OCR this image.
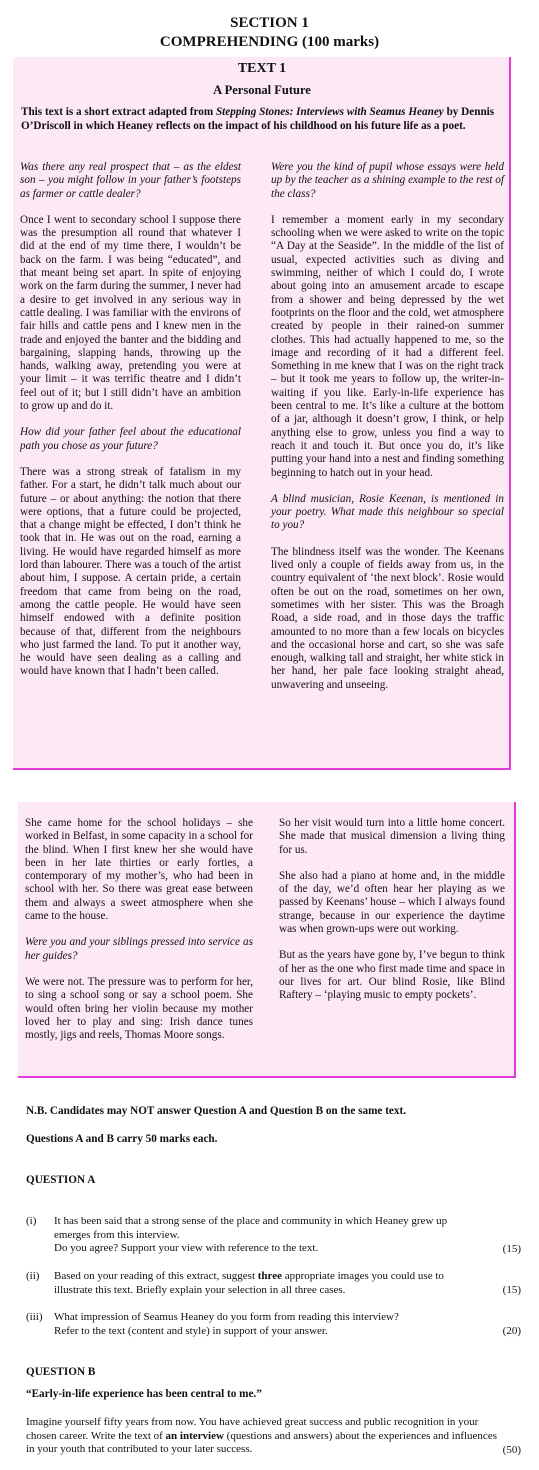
SECTION 1
COMPREHENDING (100 marks)
TEXT 1
A Personal Future
This text is a short extract adapted from Stepping Stones: Interviews with Seamus Heaney by Dennis O’Driscoll in which Heaney reflects on the impact of his childhood on his future life as a poet.

Was there any real prospect that – as the eldest son – you might follow in your father’s footsteps as farmer or cattle dealer?

Once I went to secondary school I suppose there was the presumption all round that whatever I did at the end of my time there, I wouldn’t be back on the farm. I was being “educated”, and that meant being set apart. In spite of enjoying work on the farm during the summer, I never had a desire to get involved in any serious way in cattle dealing. I was familiar with the environs of fair hills and cattle pens and I knew men in the trade and enjoyed the banter and the bidding and bargaining, slapping hands, throwing up the hands, walking away, pretending you were at your limit – it was terrific theatre and I didn’t feel out of it; but I still didn’t have an ambition to grow up and do it.

How did your father feel about the educational path you chose as your future?

There was a strong streak of fatalism in my father. For a start, he didn’t talk much about our future – or about anything: the notion that there were options, that a future could be projected, that a change might be effected, I don’t think he took that in. He was out on the road, earning a living. He would have regarded himself as more lord than labourer. There was a touch of the artist about him, I suppose. A certain pride, a certain freedom that came from being on the road, among the cattle people. He would have seen himself endowed with a definite position because of that, different from the neighbours who just farmed the land. To put it another way, he would have seen dealing as a calling and would have known that I hadn’t been called.

Were you the kind of pupil whose essays were held up by the teacher as a shining example to the rest of the class?

I remember a moment early in my secondary schooling when we were asked to write on the topic “A Day at the Seaside”. In the middle of the list of usual, expected activities such as diving and swimming, neither of which I could do, I wrote about going into an amusement arcade to escape from a shower and being depressed by the wet footprints on the floor and the cold, wet atmosphere created by people in their rained-on summer clothes. This had actually happened to me, so the image and recording of it had a different feel. Something in me knew that I was on the right track – but it took me years to follow up, the writer-in-waiting if you like. Early-in-life experience has been central to me. It’s like a culture at the bottom of a jar, although it doesn’t grow, I think, or help anything else to grow, unless you find a way to reach it and touch it. But once you do, it’s like putting your hand into a nest and finding something beginning to hatch out in your head.

A blind musician, Rosie Keenan, is mentioned in your poetry. What made this neighbour so special to you?

The blindness itself was the wonder. The Keenans lived only a couple of fields away from us, in the country equivalent of ‘the next block’. Rosie would often be out on the road, sometimes on her own, sometimes with her sister. This was the Broagh Road, a side road, and in those days the traffic amounted to no more than a few locals on bicycles and the occasional horse and cart, so she was safe enough, walking tall and straight, her white stick in her hand, her pale face looking straight ahead, unwavering and unseeing.

She came home for the school holidays – she worked in Belfast, in some capacity in a school for the blind. When I first knew her she would have been in her late thirties or early forties, a contemporary of my mother’s, who had been in school with her. So there was great ease between them and always a sweet atmosphere when she came to the house.

Were you and your siblings pressed into service as her guides?

We were not. The pressure was to perform for her, to sing a school song or say a school poem. She would often bring her violin because my mother loved her to play and sing: Irish dance tunes mostly, jigs and reels, Thomas Moore songs.

So her visit would turn into a little home concert. She made that musical dimension a living thing for us.

She also had a piano at home and, in the middle of the day, we’d often hear her playing as we passed by Keenans’ house – which I always found strange, because in our experience the daytime was when grown-ups were out working.

But as the years have gone by, I’ve begun to think of her as the one who first made time and space in our lives for art. Our blind Rosie, like Blind Raftery – ‘playing music to empty pockets’.

N.B. Candidates may NOT answer Question A and Question B on the same text.
Questions A and B carry 50 marks each.
QUESTION A
(i) It has been said that a strong sense of the place and community in which Heaney grew up emerges from this interview.
Do you agree? Support your view with reference to the text.	(15)
(ii) Based on your reading of this extract, suggest three appropriate images you could use to illustrate this text. Briefly explain your selection in all three cases.	(15)
(iii) What impression of Seamus Heaney do you form from reading this interview?
Refer to the text (content and style) in support of your answer.	(20)
QUESTION B
“Early-in-life experience has been central to me.”
Imagine yourself fifty years from now. You have achieved great success and public recognition in your chosen career. Write the text of an interview (questions and answers) about the experiences and influences in your youth that contributed to your later success.	(50)
